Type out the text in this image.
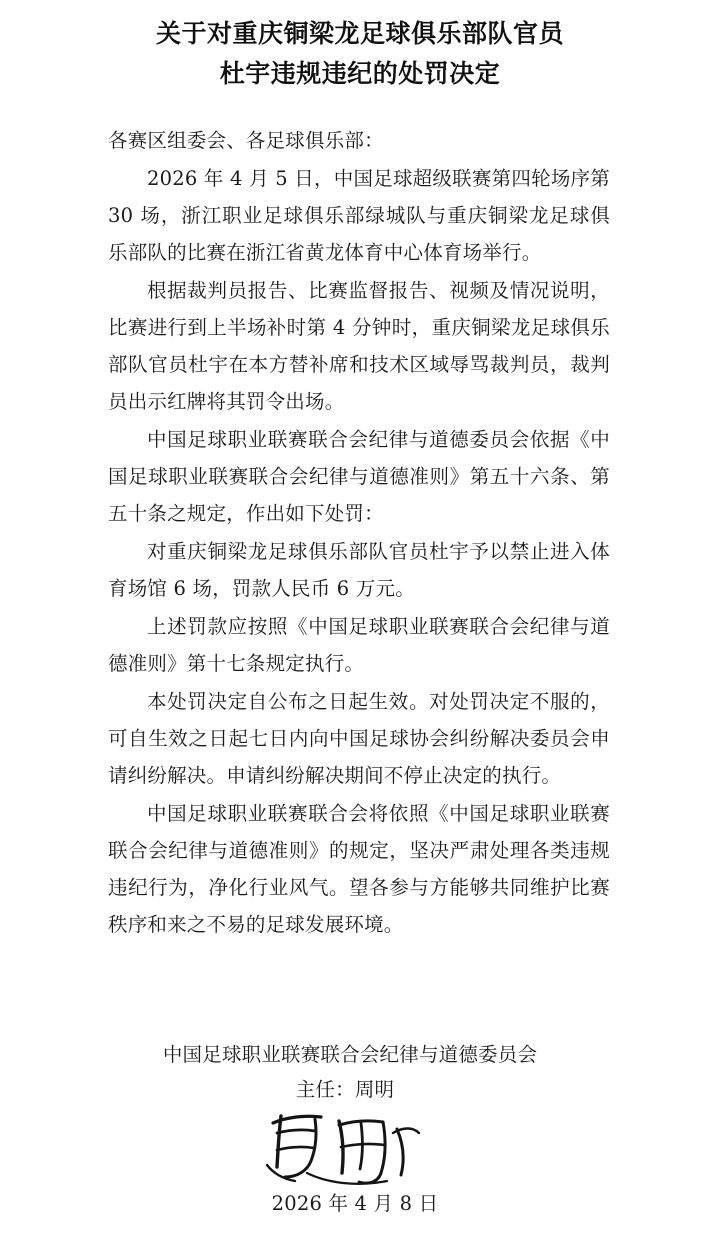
关于对重庆铜梁龙足球俱乐部队官员
杜宇违规违纪的处罚决定

各赛区组委会、各足球俱乐部：

2026 年 4 月 5 日，中国足球超级联赛第四轮场序第 30 场，浙江职业足球俱乐部绿城队与重庆铜梁龙足球俱乐部队的比赛在浙江省黄龙体育中心体育场举行。

根据裁判员报告、比赛监督报告、视频及情况说明，比赛进行到上半场补时第 4 分钟时，重庆铜梁龙足球俱乐部队官员杜宇在本方替补席和技术区域辱骂裁判员，裁判员出示红牌将其罚令出场。

中国足球职业联赛联合会纪律与道德委员会依据《中国足球职业联赛联合会纪律与道德准则》第五十六条、第五十条之规定，作出如下处罚：

对重庆铜梁龙足球俱乐部队官员杜宇予以禁止进入体育场馆 6 场，罚款人民币 6 万元。

上述罚款应按照《中国足球职业联赛联合会纪律与道德准则》第十七条规定执行。

本处罚决定自公布之日起生效。对处罚决定不服的，可自生效之日起七日内向中国足球协会纠纷解决委员会申请纠纷解决。申请纠纷解决期间不停止决定的执行。

中国足球职业联赛联合会将依照《中国足球职业联赛联合会纪律与道德准则》的规定，坚决严肃处理各类违规违纪行为，净化行业风气。望各参与方能够共同维护比赛秩序和来之不易的足球发展环境。

中国足球职业联赛联合会纪律与道德委员会
主任：周明
2026 年 4 月 8 日
